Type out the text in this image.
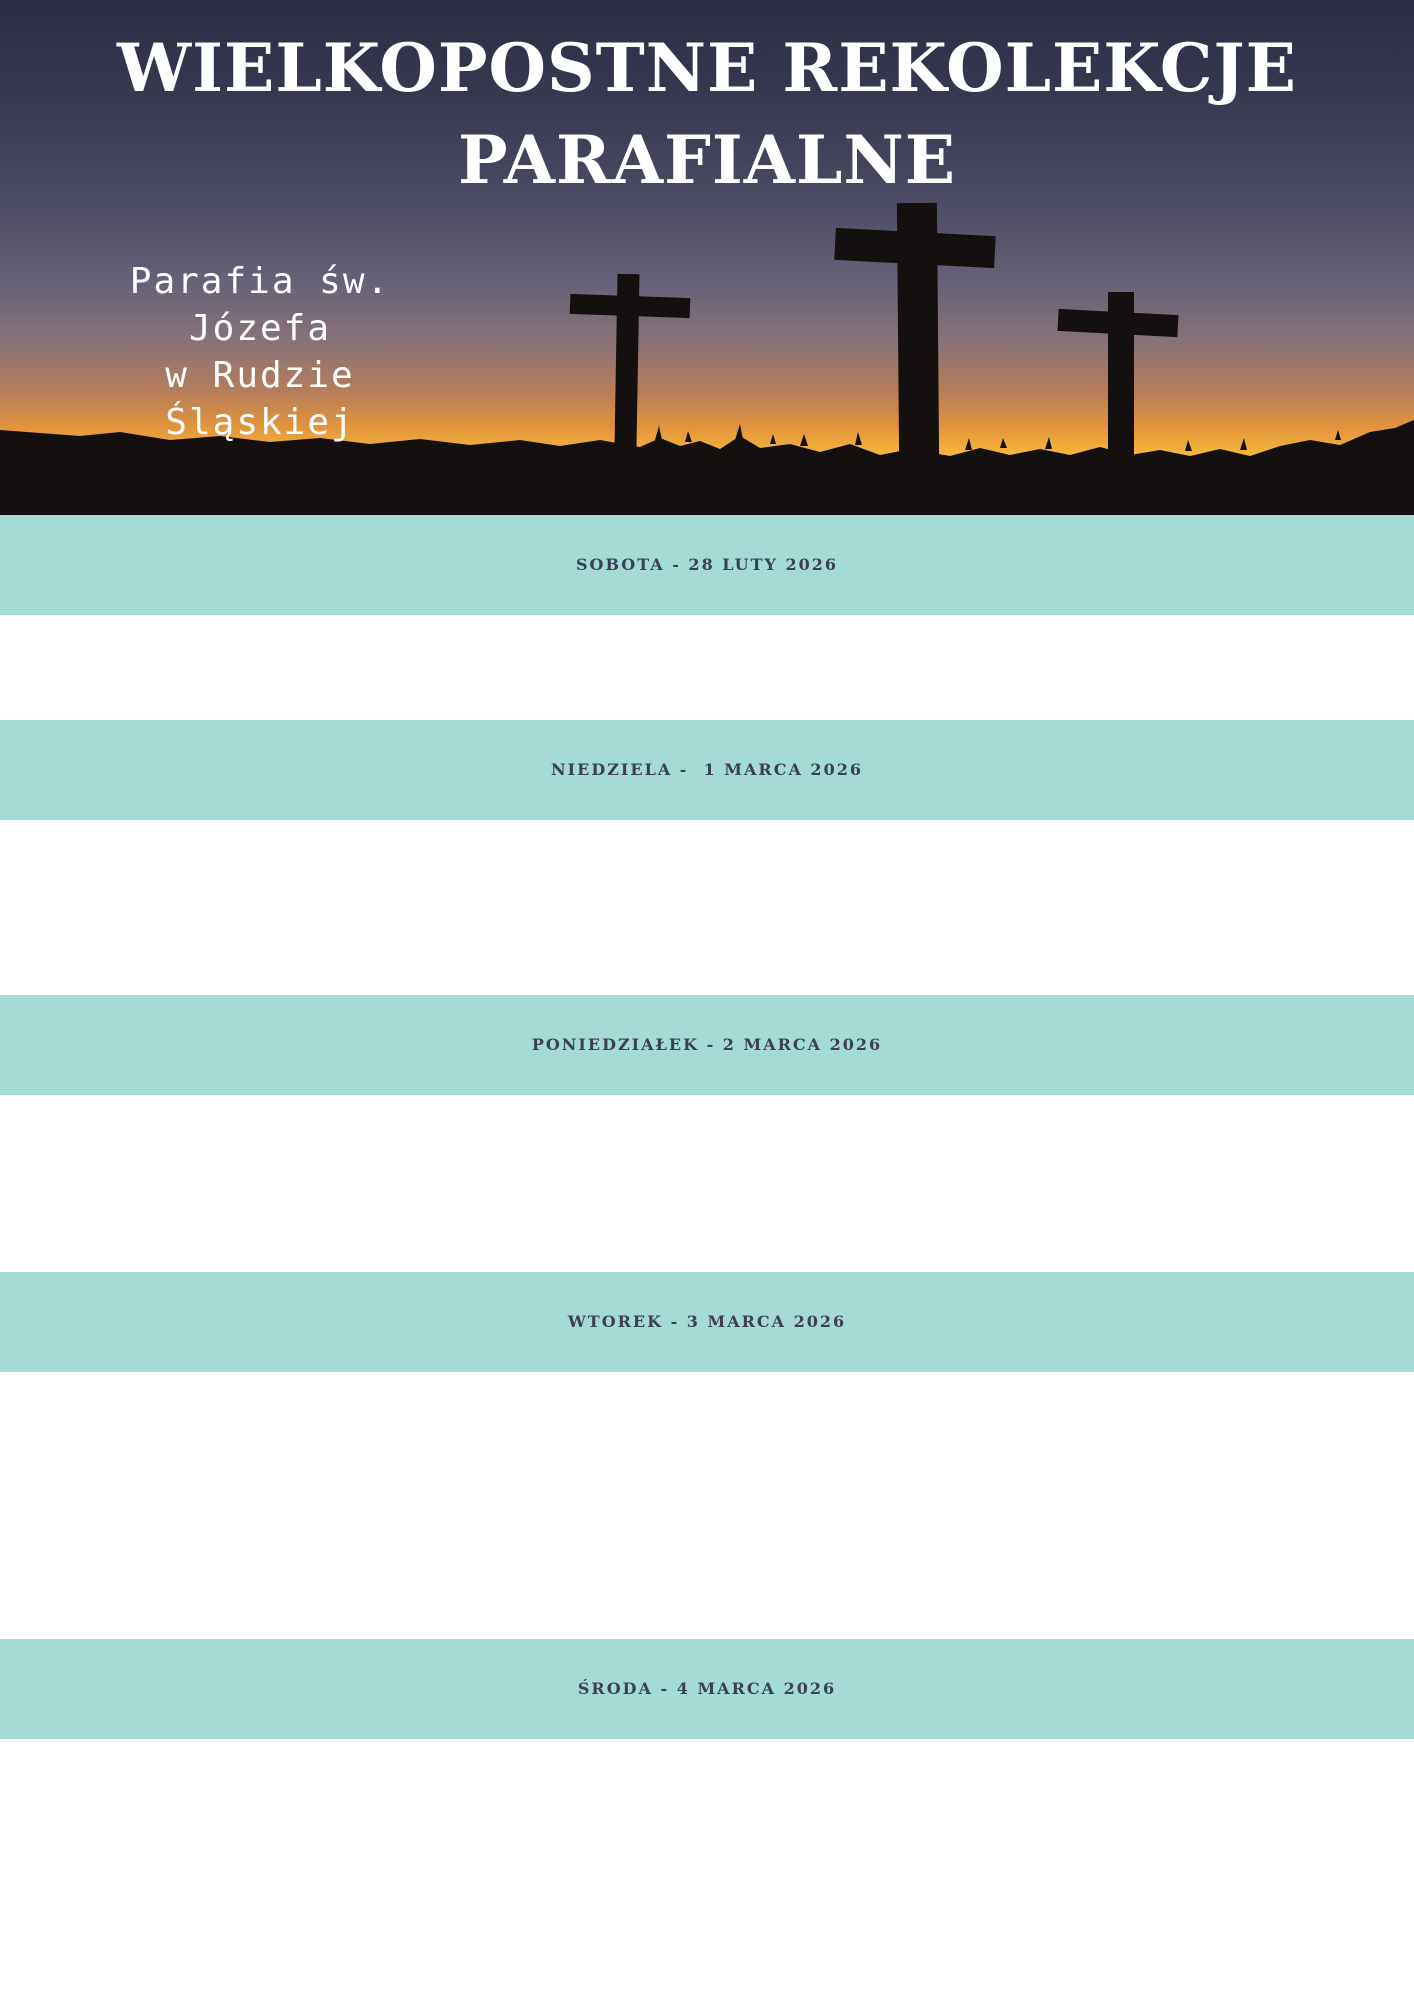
WIELKOPOSTNE REKOLEKCJE
PARAFIALNE
Parafia św. Józefa
w Rudzie Śląskiej
SOBOTA - 28 LUTY 2026
NIEDZIELA -  1 MARCA 2026
PONIEDZIAŁEK - 2 MARCA 2026
WTOREK - 3 MARCA 2026
ŚRODA - 4 MARCA 2026
